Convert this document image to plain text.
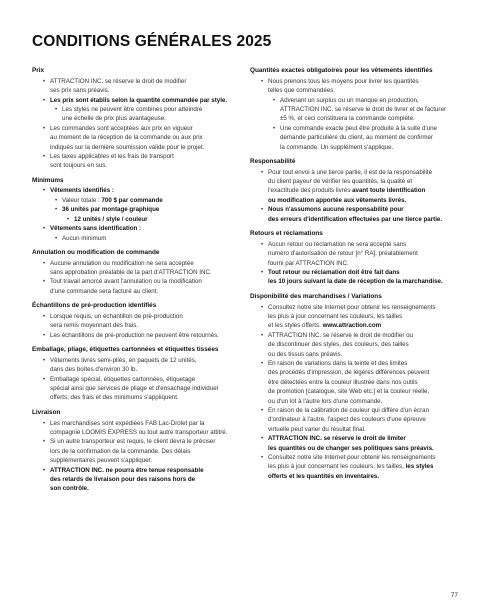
CONDITIONS GÉNÉRALES 2025
Prix
• ATTRACTION INC. se réserve le droit de modifier
ses prix sans préavis.
• Les prix sont établis selon la quantité commandée par style.
• Les styles ne peuvent être combinés pour atteindre
une échelle de prix plus avantageuse.
• Les commandes sont acceptées aux prix en vigueur
au moment de la réception de la commande ou aux prix
indiqués sur la dernière soumission valide pour le projet.
• Les taxes applicables et les frais de transport
sont toujours en sus.
Minimums
• Vêtements identifiés :
• Valeur totale : 700 $ par commande
• 36 unités par montage graphique
• 12 unités / style / couleur
• Vêtements sans identification :
• Aucun minimum
Annulation ou modification de commande
• Aucune annulation ou modification ne sera acceptée
sans approbation préalable de la part d'ATTRACTION INC.
• Tout travail amorcé avant l'annulation ou la modification
d'une commande sera facturé au client.
Échantillons de pré-production identifiés
• Lorsque requis, un échantillon de pré-production
sera remis moyennant des frais.
• Les échantillons de pré-production ne peuvent être retournés.
Emballage, pliage, étiquettes cartonnées et étiquettes tissées
• Vêtements livrés semi-pliés, en paquets de 12 unités,
dans des boîtes d'environ 30 lb.
• Emballage spécial, étiquettes cartonnées, étiquetage
spécial ainsi que services de pliage et d'ensachage individuel
offerts; des frais et des minimums s'appliquent.
Livraison
• Les marchandises sont expédiées FAB Lac-Drolet par la
compagnie LOOMIS EXPRESS ou tout autre transporteur attitré.
• Si un autre transporteur est requis, le client devra le préciser
lors de la confirmation de la commande. Des délais
supplémentaires peuvent s'appliquer.
• ATTRACTION INC. ne pourra être tenue responsable
des retards de livraison pour des raisons hors de
son contrôle.
Quantités exactes obligatoires pour les vêtements identifiés
• Nous prenons tous les moyens pour livrer les quantités
telles que commandées.
• Advenant un surplus ou un manque en production,
ATTRACTION INC. se réserve le droit de livrer et de facturer
±5 %, et ceci constituera la commande complète.
• Une commande exacte peut être produite à la suite d'une
demande particulière du client, au moment de confirmer
la commande. Un supplément s'applique.
Responsabilité
• Pour tout envoi à une tierce partie, il est de la responsabilité
du client payeur de vérifier les quantités, la qualité et
l'exactitude des produits livrés avant toute identification
ou modification apportée aux vêtements livrés.
• Nous n'assumons aucune responsabilité pour
des erreurs d'identification effectuées par une tierce partie.
Retours et réclamations
• Aucun retour ou réclamation ne sera accepté sans
numéro d'autorisation de retour [n° RA], préalablement
fourni par ATTRACTION INC.
• Tout retour ou réclamation doit être fait dans
les 10 jours suivant la date de réception de la marchandise.
Disponibilité des marchandises / Variations
• Consultez notre site Internet pour obtenir les renseignements
les plus à jour concernant les couleurs, les tailles
et les styles offerts. www.attraction.com
• ATTRACTION INC. se réserve le droit de modifier ou
de discontinuer des styles, des couleurs, des tailles
ou des tissus sans préavis.
• En raison de variations dans la teinte et des limites
des procédés d'impression, de légères différences peuvent
être détectées entre la couleur illustrée dans nos outils
de promotion [catalogue, site Web etc.] et la couleur réelle,
ou d'un lot à l'autre lors d'une commande.
• En raison de la calibration de couleur qui diffère d'un écran
d'ordinateur à l'autre, l'aspect des couleurs d'une épreuve
virtuelle peut varier du résultat final.
• ATTRACTION INC. se réserve le droit de limiter
les quantités ou de changer ses politiques sans préavis.
• Consultez notre site Internet pour obtenir les renseignements
les plus à jour concernant les couleurs, les tailles, les styles
offerts et les quantités en inventaires.
77
